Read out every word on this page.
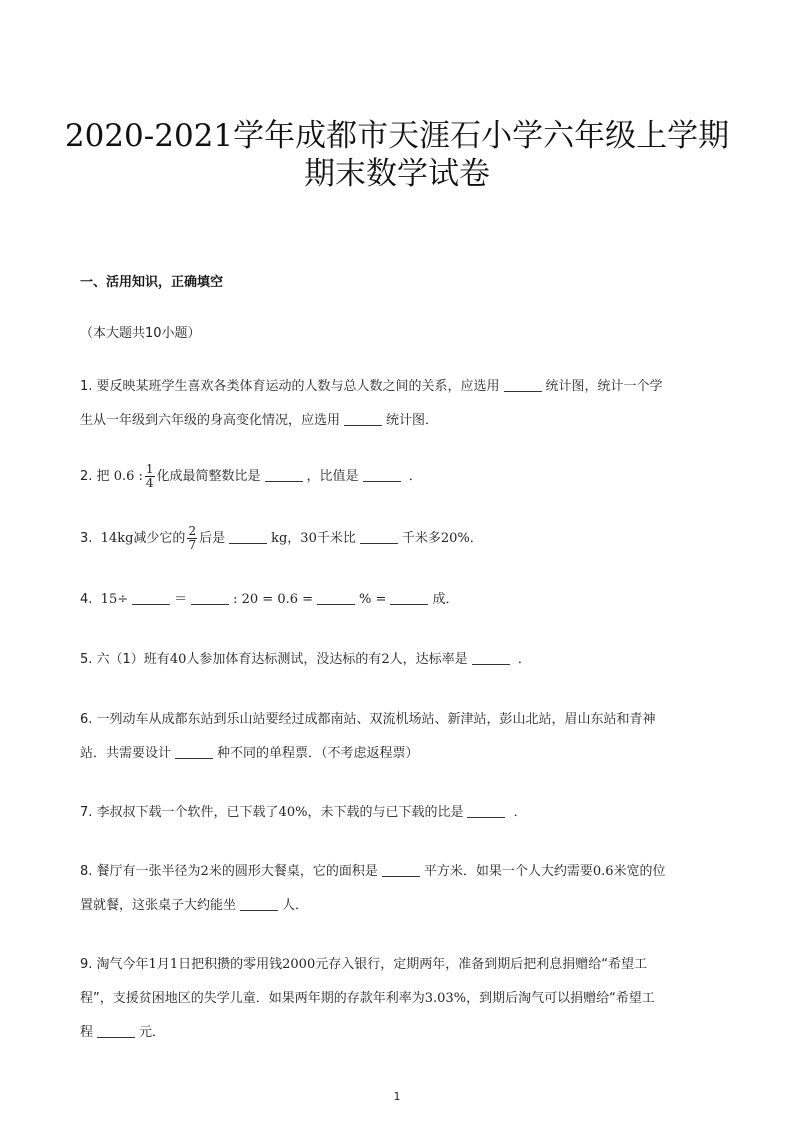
2020-2021学年成都市天涯石小学六年级上学期
期末数学试卷
一、活用知识，正确填空
（本大题共10小题）
1. 要反映某班学生喜欢各类体育运动的人数与总人数之间的关系，应选用	统计图，统计一个学
生从一年级到六年级的身高变化情况，应选用	统计图．
2. 把 0.6 : $\frac{1}{4}$ 化成最简整数比是	，比值是	．
3. 14kg减少它的 $\frac{2}{7}$ 后是	kg，30千米比	千米多20%．
4. 15÷	＝	: 20 = 0.6 =	% =	成．
5. 六（1）班有40人参加体育达标测试，没达标的有2人，达标率是	．
6. 一列动车从成都东站到乐山站要经过成都南站、双流机场站、新津站，彭山北站，眉山东站和青神
站．共需要设计	种不同的单程票．（不考虑返程票）
7. 李叔叔下载一个软件，已下载了40%，未下载的与已下载的比是	．
8. 餐厅有一张半径为2米的圆形大餐桌，它的面积是	平方米．如果一个人大约需要0.6米宽的位
置就餐，这张桌子大约能坐	人．
9. 淘气今年1月1日把积攒的零用钱2000元存入银行，定期两年，准备到期后把利息捐赠给“希望工
程”，支援贫困地区的失学儿童．如果两年期的存款年利率为3.03%，到期后淘气可以捐赠给“希望工
程	元．
1
